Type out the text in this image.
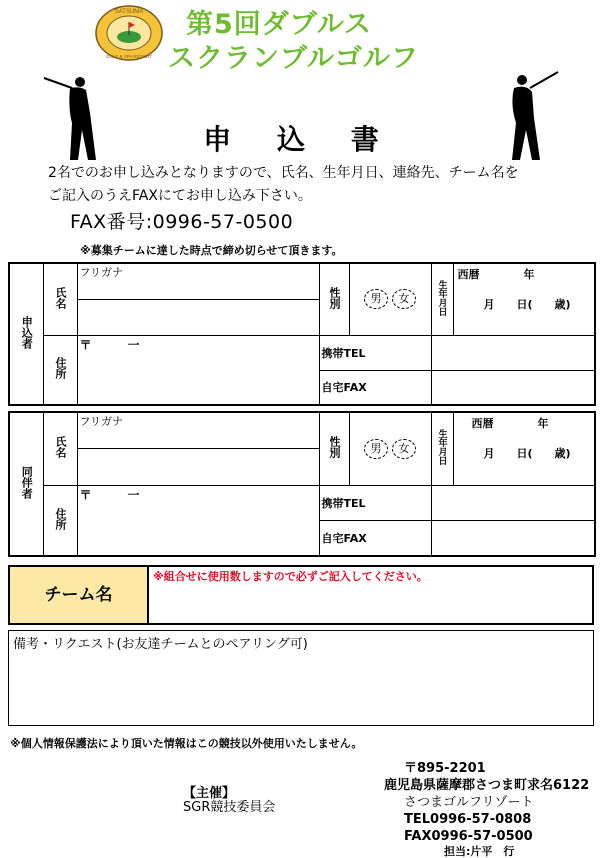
SATSUMA
GOLF & SPA RESORT
第5回ダブルス
スクランブルゴルフ
申 込 書
2名でのお申し込みとなりますので、氏名、生年月日、連絡先、チーム名を
ご記入のうえFAXにてお申し込み下さい。
FAX番号:0996-57-0500
※募集チームに達した時点で締め切らせて頂きます。
申込者	氏名	フリガナ	性別	男 女	生年月日	西暦　　　　年
月　　日(　　歳)

	住所	〒　　　一	携帯TEL			
			自宅FAX			
同伴者	氏名	フリガナ	性別	男 女	生年月日	西暦　　　　年
月　　日(　　歳)

	住所	〒　　　一	携帯TEL			
			自宅FAX			
チーム名
※組合せに使用数しますので必ずご記入してください。
備考・リクエスト(お友達チームとのペアリング可)
※個人情報保護法により頂いた情報はこの競技以外使用いたしません。
【主催】
SGR競技委員会
〒895-2201
鹿児島県薩摩郡さつま町求名6122
さつまゴルフリゾート
TEL0996-57-0808
FAX0996-57-0500
担当:片平　行
